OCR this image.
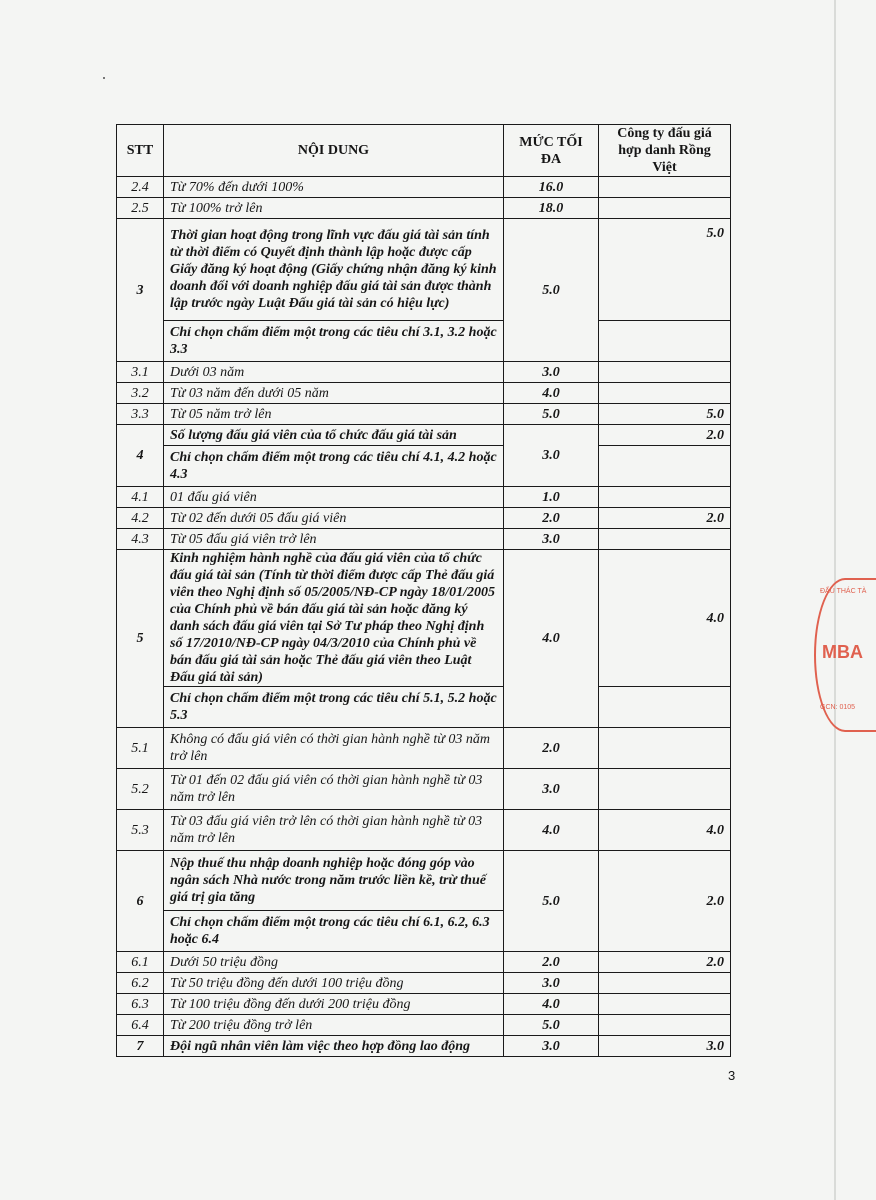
STT	NỘI DUNG	MỨC TỐI ĐA	Công ty đấu giá hợp danh Rồng Việt
2.4	Từ 70% đến dưới 100%	16.0	
2.5	Từ 100% trở lên	18.0	
3	Thời gian hoạt động trong lĩnh vực đấu giá tài sản tính từ thời điểm có Quyết định thành lập hoặc được cấp Giấy đăng ký hoạt động (Giấy chứng nhận đăng ký kinh doanh đối với doanh nghiệp đấu giá tài sản được thành lập trước ngày Luật Đấu giá tài sản có hiệu lực)	5.0	5.0
	Chỉ chọn chấm điểm một trong các tiêu chí 3.1, 3.2 hoặc 3.3		
3.1	Dưới 03 năm	3.0	
3.2	Từ 03 năm đến dưới 05 năm	4.0	
3.3	Từ 05 năm trở lên	5.0	5.0
4	Số lượng đấu giá viên của tổ chức đấu giá tài sản	3.0	2.0
	Chỉ chọn chấm điểm một trong các tiêu chí 4.1, 4.2 hoặc 4.3		
4.1	01 đấu giá viên	1.0	
4.2	Từ 02 đến dưới 05 đấu giá viên	2.0	2.0
4.3	Từ 05 đấu giá viên trở lên	3.0	
5	Kinh nghiệm hành nghề của đấu giá viên của tổ chức đấu giá tài sản (Tính từ thời điểm được cấp Thẻ đấu giá viên theo Nghị định số 05/2005/NĐ-CP ngày 18/01/2005 của Chính phủ về bán đấu giá tài sản hoặc đăng ký danh sách đấu giá viên tại Sở Tư pháp theo Nghị định số 17/2010/NĐ-CP ngày 04/3/2010 của Chính phủ về bán đấu giá tài sản hoặc Thẻ đấu giá viên theo Luật Đấu giá tài sản)	4.0	4.0
	Chỉ chọn chấm điểm một trong các tiêu chí 5.1, 5.2 hoặc 5.3		
5.1	Không có đấu giá viên có thời gian hành nghề từ 03 năm trở lên	2.0	
5.2	Từ 01 đến 02 đấu giá viên có thời gian hành nghề từ 03 năm trở lên	3.0	
5.3	Từ 03 đấu giá viên trở lên có thời gian hành nghề từ 03 năm trở lên	4.0	4.0
6	Nộp thuế thu nhập doanh nghiệp hoặc đóng góp vào ngân sách Nhà nước trong năm trước liền kề, trừ thuế giá trị gia tăng	5.0	2.0
	Chỉ chọn chấm điểm một trong các tiêu chí 6.1, 6.2, 6.3 hoặc 6.4		
6.1	Dưới 50 triệu đồng	2.0	2.0
6.2	Từ 50 triệu đồng đến dưới 100 triệu đồng	3.0	
6.3	Từ 100 triệu đồng đến dưới 200 triệu đồng	4.0	
6.4	Từ 200 triệu đồng trở lên	5.0	
7	Đội ngũ nhân viên làm việc theo hợp đồng lao động	3.0	3.0
3
ĐẤU THÁC TÀ
MBA
GCN: 0105
